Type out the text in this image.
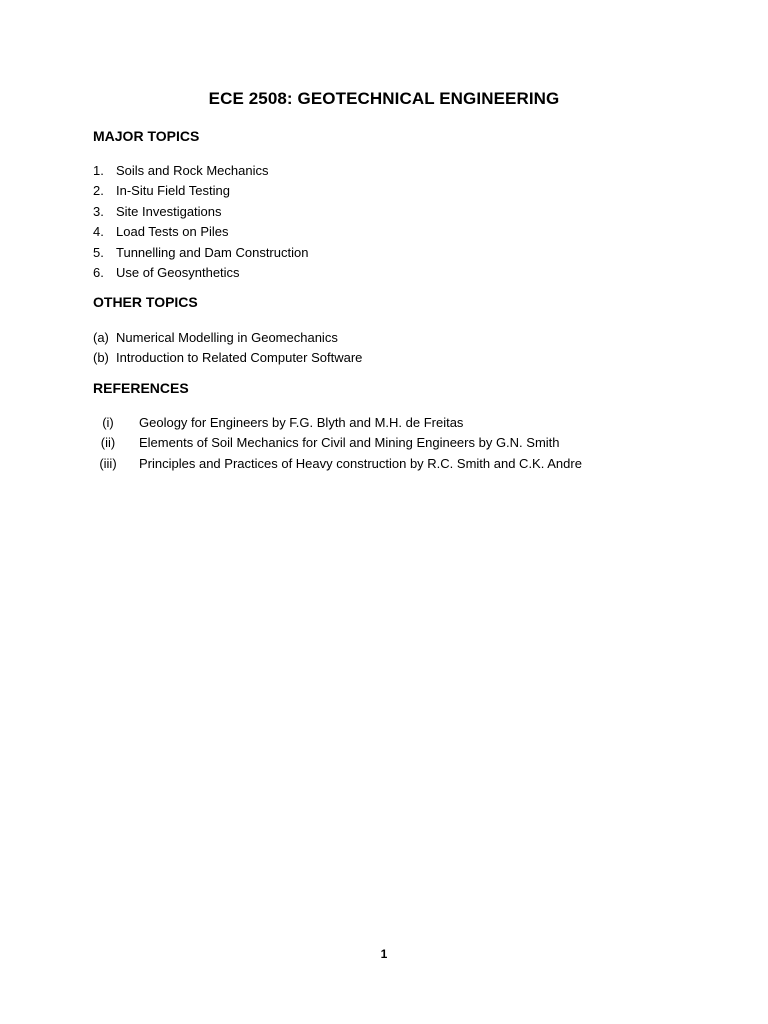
ECE 2508: GEOTECHNICAL ENGINEERING
MAJOR TOPICS
1. Soils and Rock Mechanics
2. In-Situ Field Testing
3. Site Investigations
4. Load Tests on Piles
5. Tunnelling and Dam Construction
6. Use of Geosynthetics
OTHER TOPICS
(a) Numerical Modelling in Geomechanics
(b) Introduction to Related Computer Software
REFERENCES
(i)	Geology for Engineers by F.G. Blyth and M.H. de Freitas
(ii)	Elements of Soil Mechanics for Civil and Mining Engineers by G.N. Smith
(iii)	Principles and Practices of Heavy construction by R.C. Smith and C.K. Andre
1
